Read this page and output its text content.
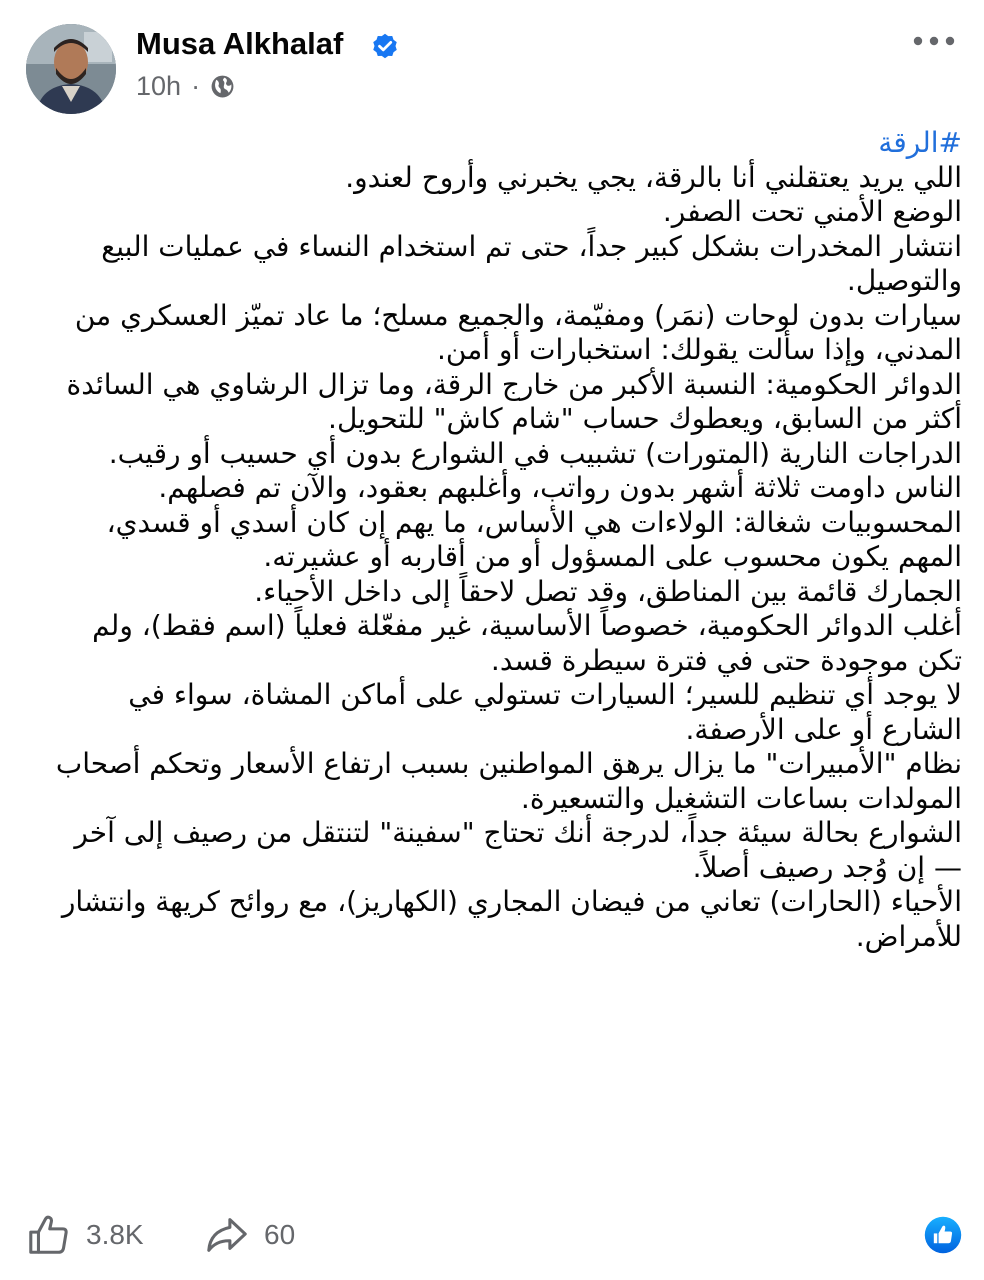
Musa Alkhalaf
10h ·

#الرقة

اللي يريد يعتقلني أنا بالرقة، يجي يخبرني وأروح لعندو.

الوضع الأمني تحت الصفر.

انتشار المخدرات بشكل كبير جداً، حتى تم استخدام النساء في عمليات البيع والتوصيل.

سيارات بدون لوحات (نمَر) ومفيّمة، والجميع مسلح؛ ما عاد تميّز العسكري من المدني، وإذا سألت يقولك: استخبارات أو أمن.

الدوائر الحكومية: النسبة الأكبر من خارج الرقة، وما تزال الرشاوي هي السائدة أكثر من السابق، ويعطوك حساب "شام كاش" للتحويل.

الدراجات النارية (المتورات) تشبيب في الشوارع بدون أي حسيب أو رقيب.

الناس داومت ثلاثة أشهر بدون رواتب، وأغلبهم بعقود، والآن تم فصلهم.

المحسوبيات شغالة: الولاءات هي الأساس، ما يهم إن كان أسدي أو قسدي، المهم يكون محسوب على المسؤول أو من أقاربه أو عشيرته.

الجمارك قائمة بين المناطق، وقد تصل لاحقاً إلى داخل الأحياء.

أغلب الدوائر الحكومية، خصوصاً الأساسية، غير مفعّلة فعلياً (اسم فقط)، ولم تكن موجودة حتى في فترة سيطرة قسد.

لا يوجد أي تنظيم للسير؛ السيارات تستولي على أماكن المشاة، سواء في الشارع أو على الأرصفة.

نظام "الأمبيرات" ما يزال يرهق المواطنين بسبب ارتفاع الأسعار وتحكم أصحاب المولدات بساعات التشغيل والتسعيرة.

الشوارع بحالة سيئة جداً، لدرجة أنك تحتاج "سفينة" لتنتقل من رصيف إلى آخر — إن وُجد رصيف أصلاً.

الأحياء (الحارات) تعاني من فيضان المجاري (الكهاريز)، مع روائح كريهة وانتشار للأمراض.

3.8K	60
